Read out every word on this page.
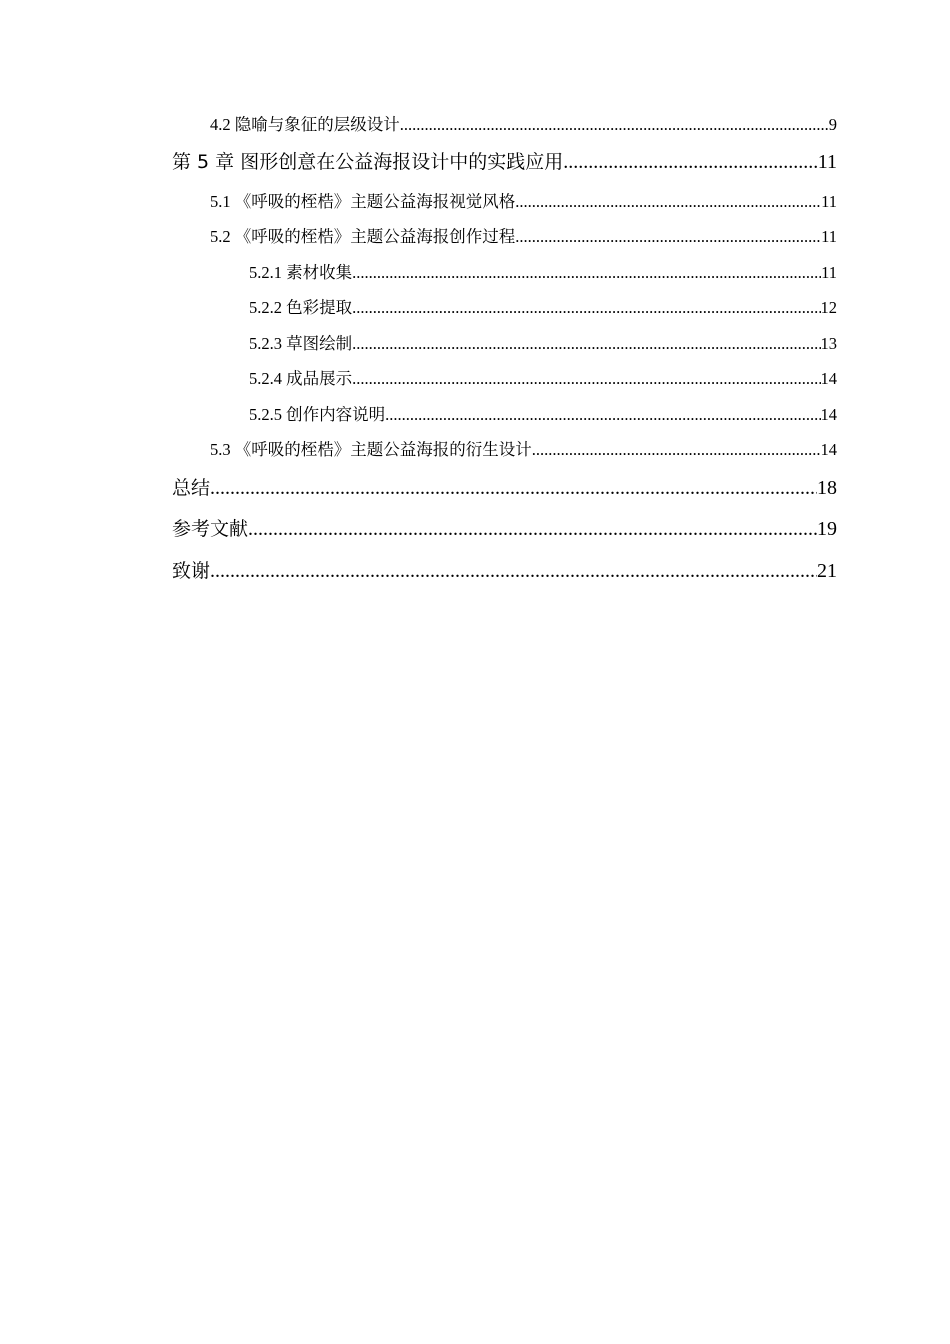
4.2 隐喻与象征的层级设计 .....	9
第 5 章 图形创意在公益海报设计中的实践应用 .....	11
5.1 《呼吸的桎梏》主题公益海报视觉风格 .....	11
5.2 《呼吸的桎梏》主题公益海报创作过程 .....	11
5.2.1 素材收集 .....	11
5.2.2 色彩提取 .....	12
5.2.3 草图绘制 .....	13
5.2.4 成品展示 .....	14
5.2.5 创作内容说明 .....	14
5.3 《呼吸的桎梏》主题公益海报的衍生设计 .....	14
总结 .....	18
参考文献 .....	19
致谢 .....	21
